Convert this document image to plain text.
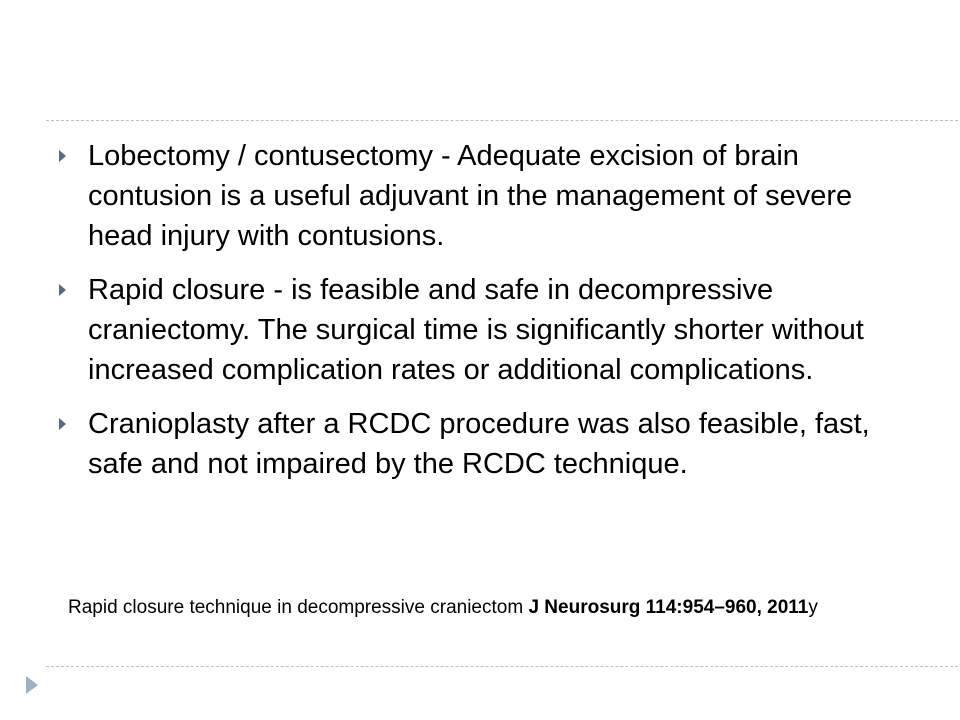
Lobectomy / contusectomy - Adequate excision of brain contusion is a useful adjuvant in the management of severe head injury with contusions.
Rapid closure - is feasible and safe in decompressive craniectomy. The surgical time is significantly shorter without increased complication rates or additional complications.
Cranioplasty after a RCDC procedure was also feasible, fast, safe and not impaired by the RCDC technique.
Rapid closure technique in decompressive craniectom J Neurosurg 114:954–960, 2011y
